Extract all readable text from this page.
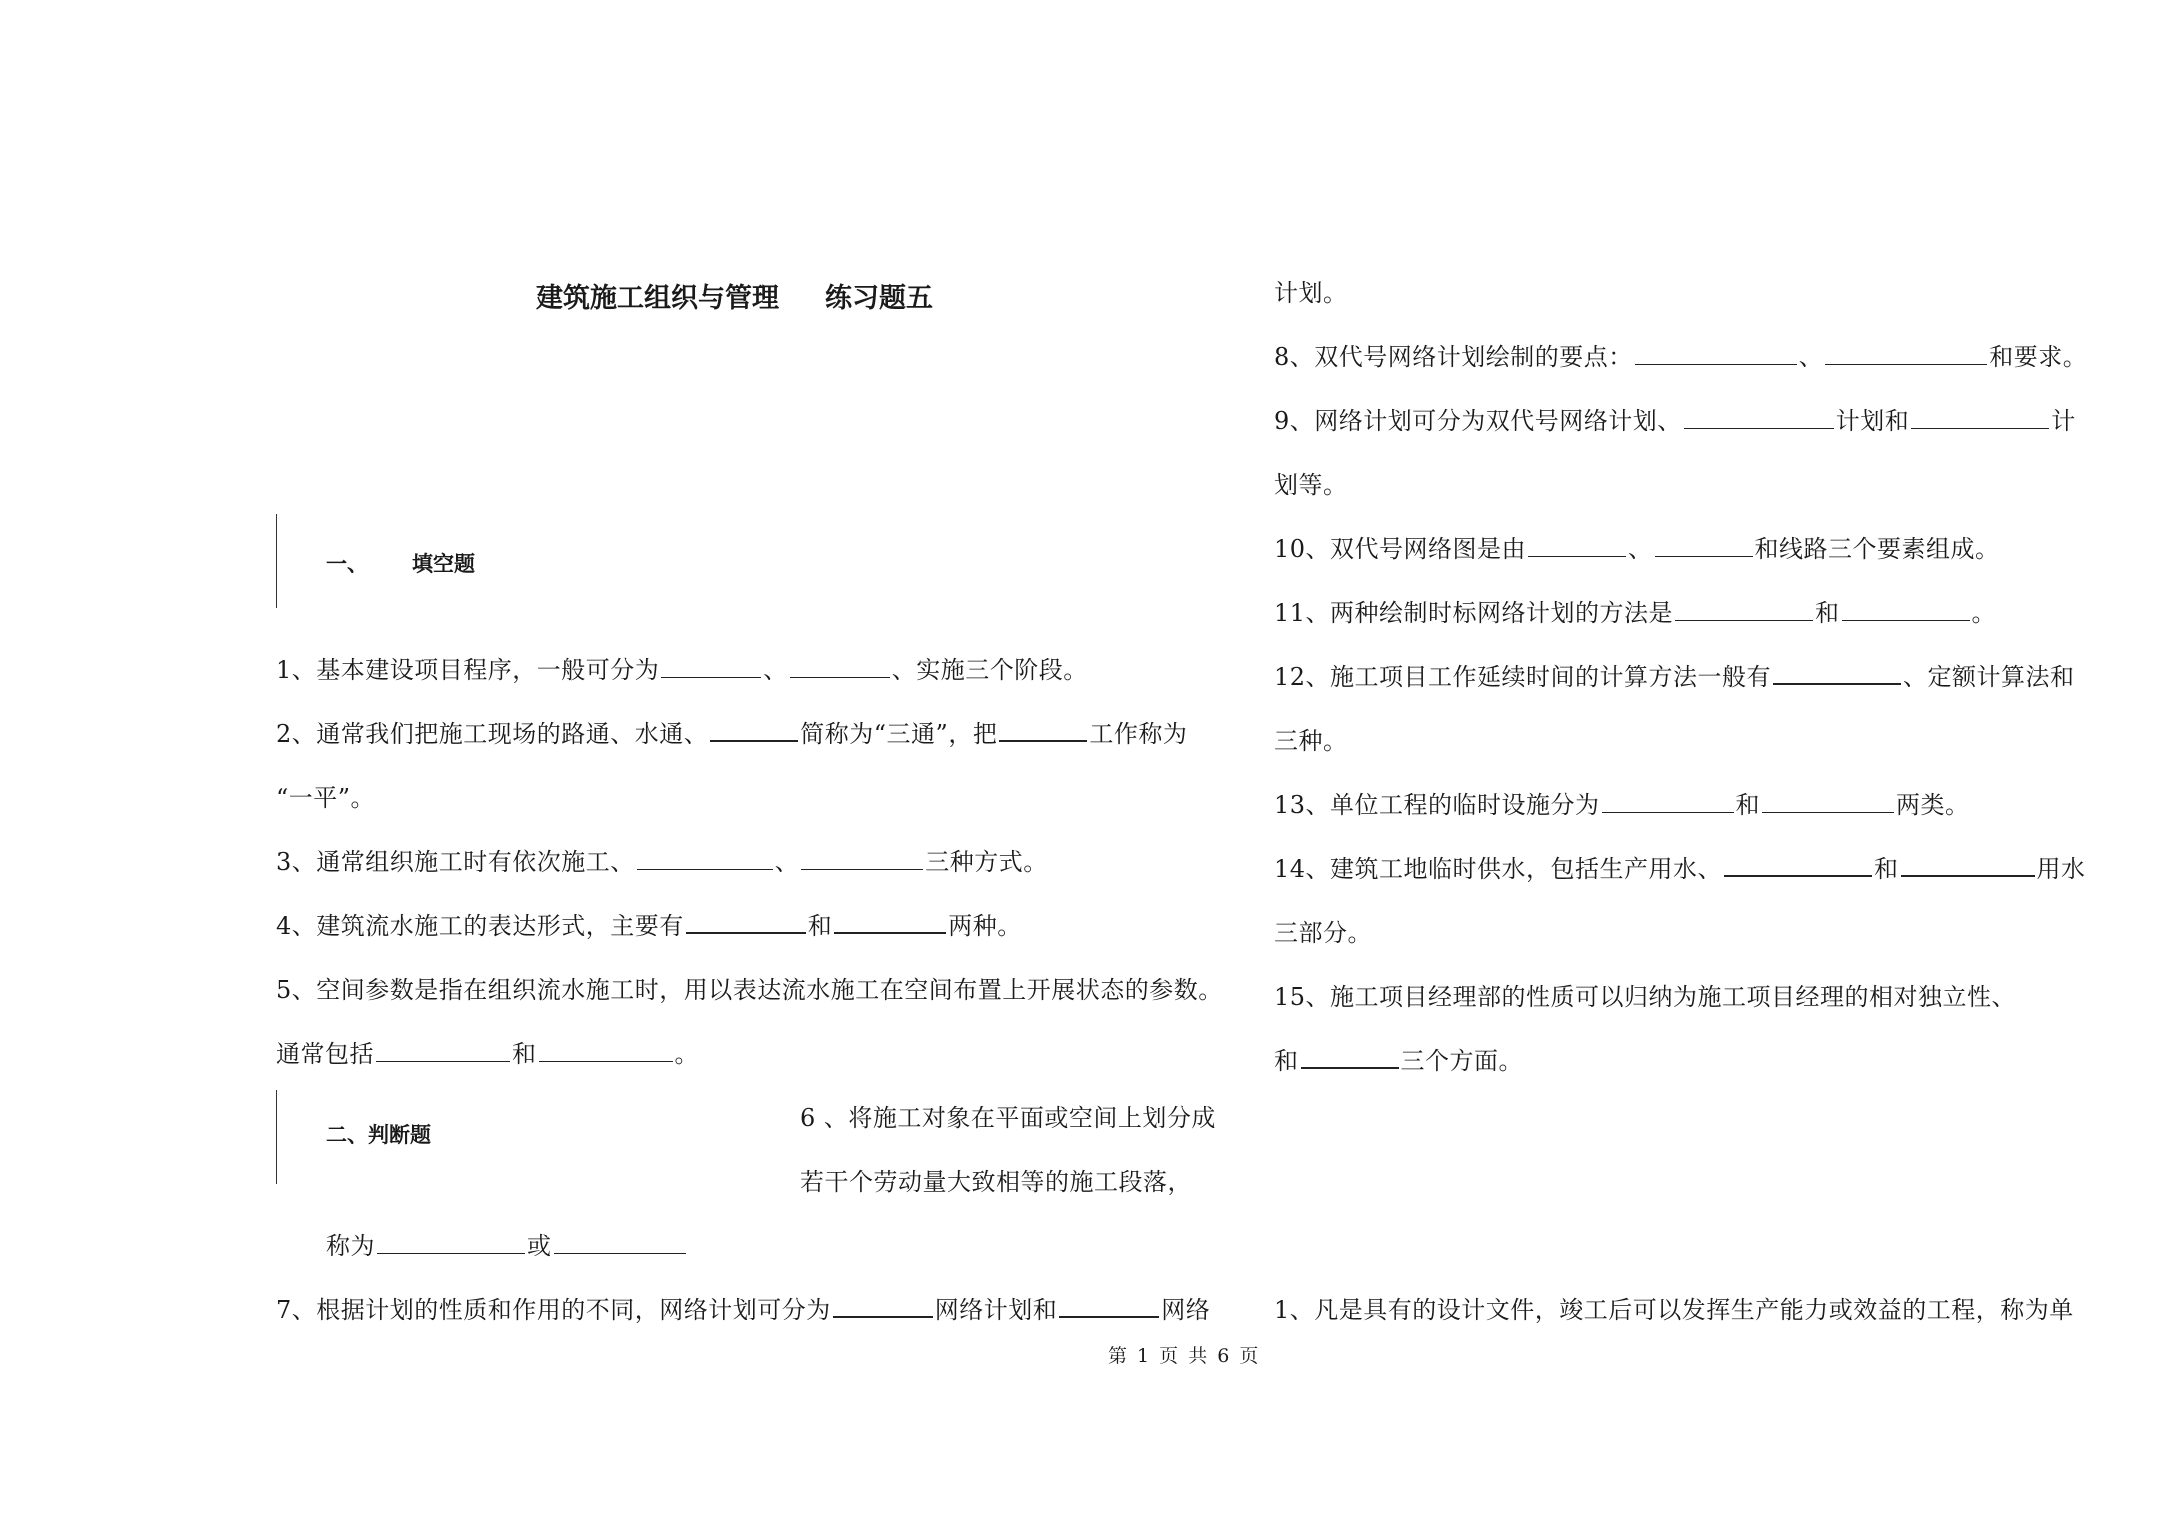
建筑施工组织与管理 练习题五
一、 填空题
1、基本建设项目程序，一般可分为	、	、实施三个阶段。
2、通常我们把施工现场的路通、水通、	简称为“三通”，把	工作称为
“一平”。
3、通常组织施工时有依次施工、	、	三种方式。
4、建筑流水施工的表达形式，主要有	和	两种。
5、空间参数是指在组织流水施工时，用以表达流水施工在空间布置上开展状态的参数。
通常包括	和	。
二、判断题
6 、将施工对象在平面或空间上划分成
若干个劳动量大致相等的施工段落，
称为	或
7、根据计划的性质和作用的不同，网络计划可分为	网络计划和	网络
计划。
8、双代号网络计划绘制的要点：	、	和要求。
9、网络计划可分为双代号网络计划、	计划和	计
划等。
10、双代号网络图是由	、	和线路三个要素组成。
11、两种绘制时标网络计划的方法是	和	。
12、施工项目工作延续时间的计算方法一般有	、定额计算法和
三种。
13、单位工程的临时设施分为	和	两类。
14、建筑工地临时供水，包括生产用水、	和	用水
三部分。
15、施工项目经理部的性质可以归纳为施工项目经理的相对独立性、
和	三个方面。
1、凡是具有的设计文件，竣工后可以发挥生产能力或效益的工程，称为单
第 1 页 共 6 页
